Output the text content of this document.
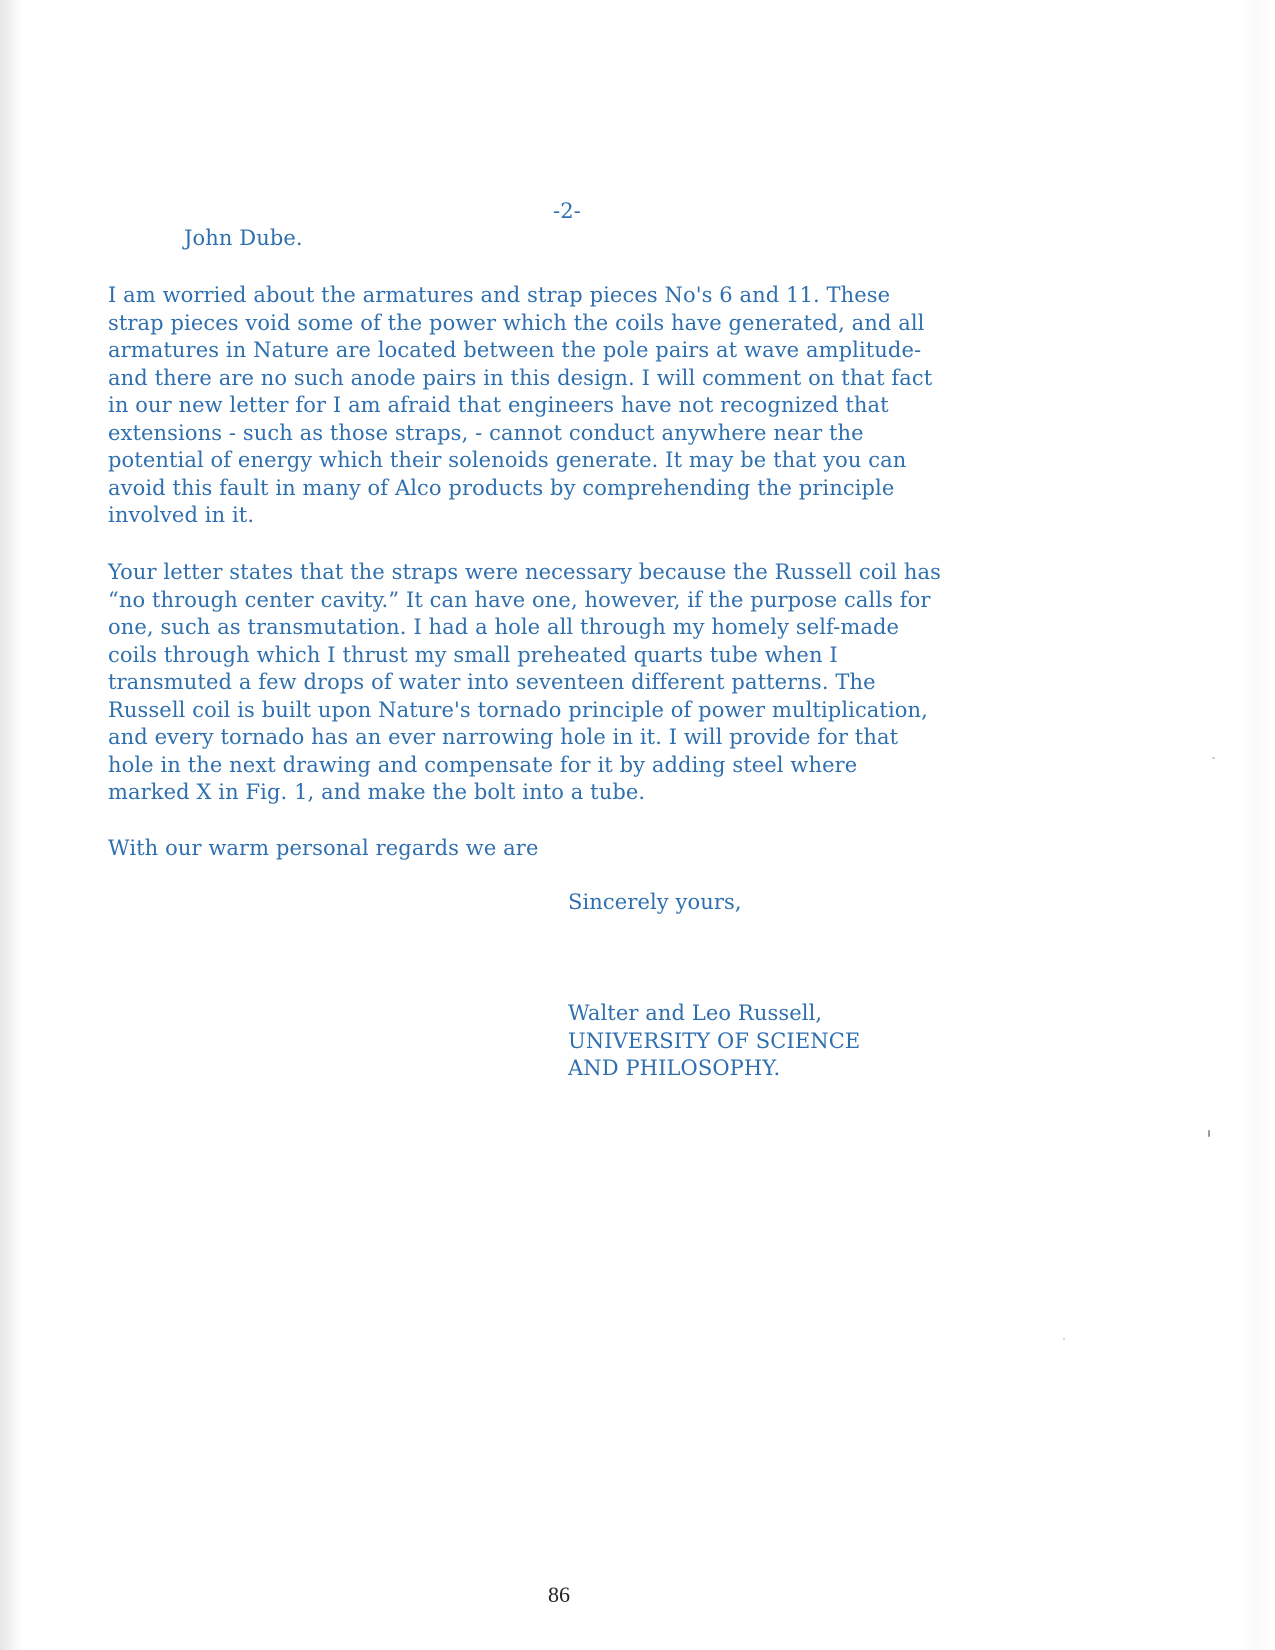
-2-
John Dube.

I am worried about the armatures and strap pieces No's 6 and 11. These
strap pieces void some of the power which the coils have generated, and all
armatures in Nature are located between the pole pairs at wave amplitude-
and there are no such anode pairs in this design. I will comment on that fact
in our new letter for I am afraid that engineers have not recognized that
extensions - such as those straps, - cannot conduct anywhere near the
potential of energy which their solenoids generate. It may be that you can
avoid this fault in many of Alco products by comprehending the principle
involved in it.

Your letter states that the straps were necessary because the Russell coil has
“no through center cavity.” It can have one, however, if the purpose calls for
one, such as transmutation. I had a hole all through my homely self-made
coils through which I thrust my small preheated quarts tube when I
transmuted a few drops of water into seventeen different patterns. The
Russell coil is built upon Nature's tornado principle of power multiplication,
and every tornado has an ever narrowing hole in it. I will provide for that
hole in the next drawing and compensate for it by adding steel where
marked X in Fig. 1, and make the bolt into a tube.

With our warm personal regards we are

Sincerely yours,
Walter and Leo Russell,
UNIVERSITY OF SCIENCE
AND PHILOSOPHY.
86
